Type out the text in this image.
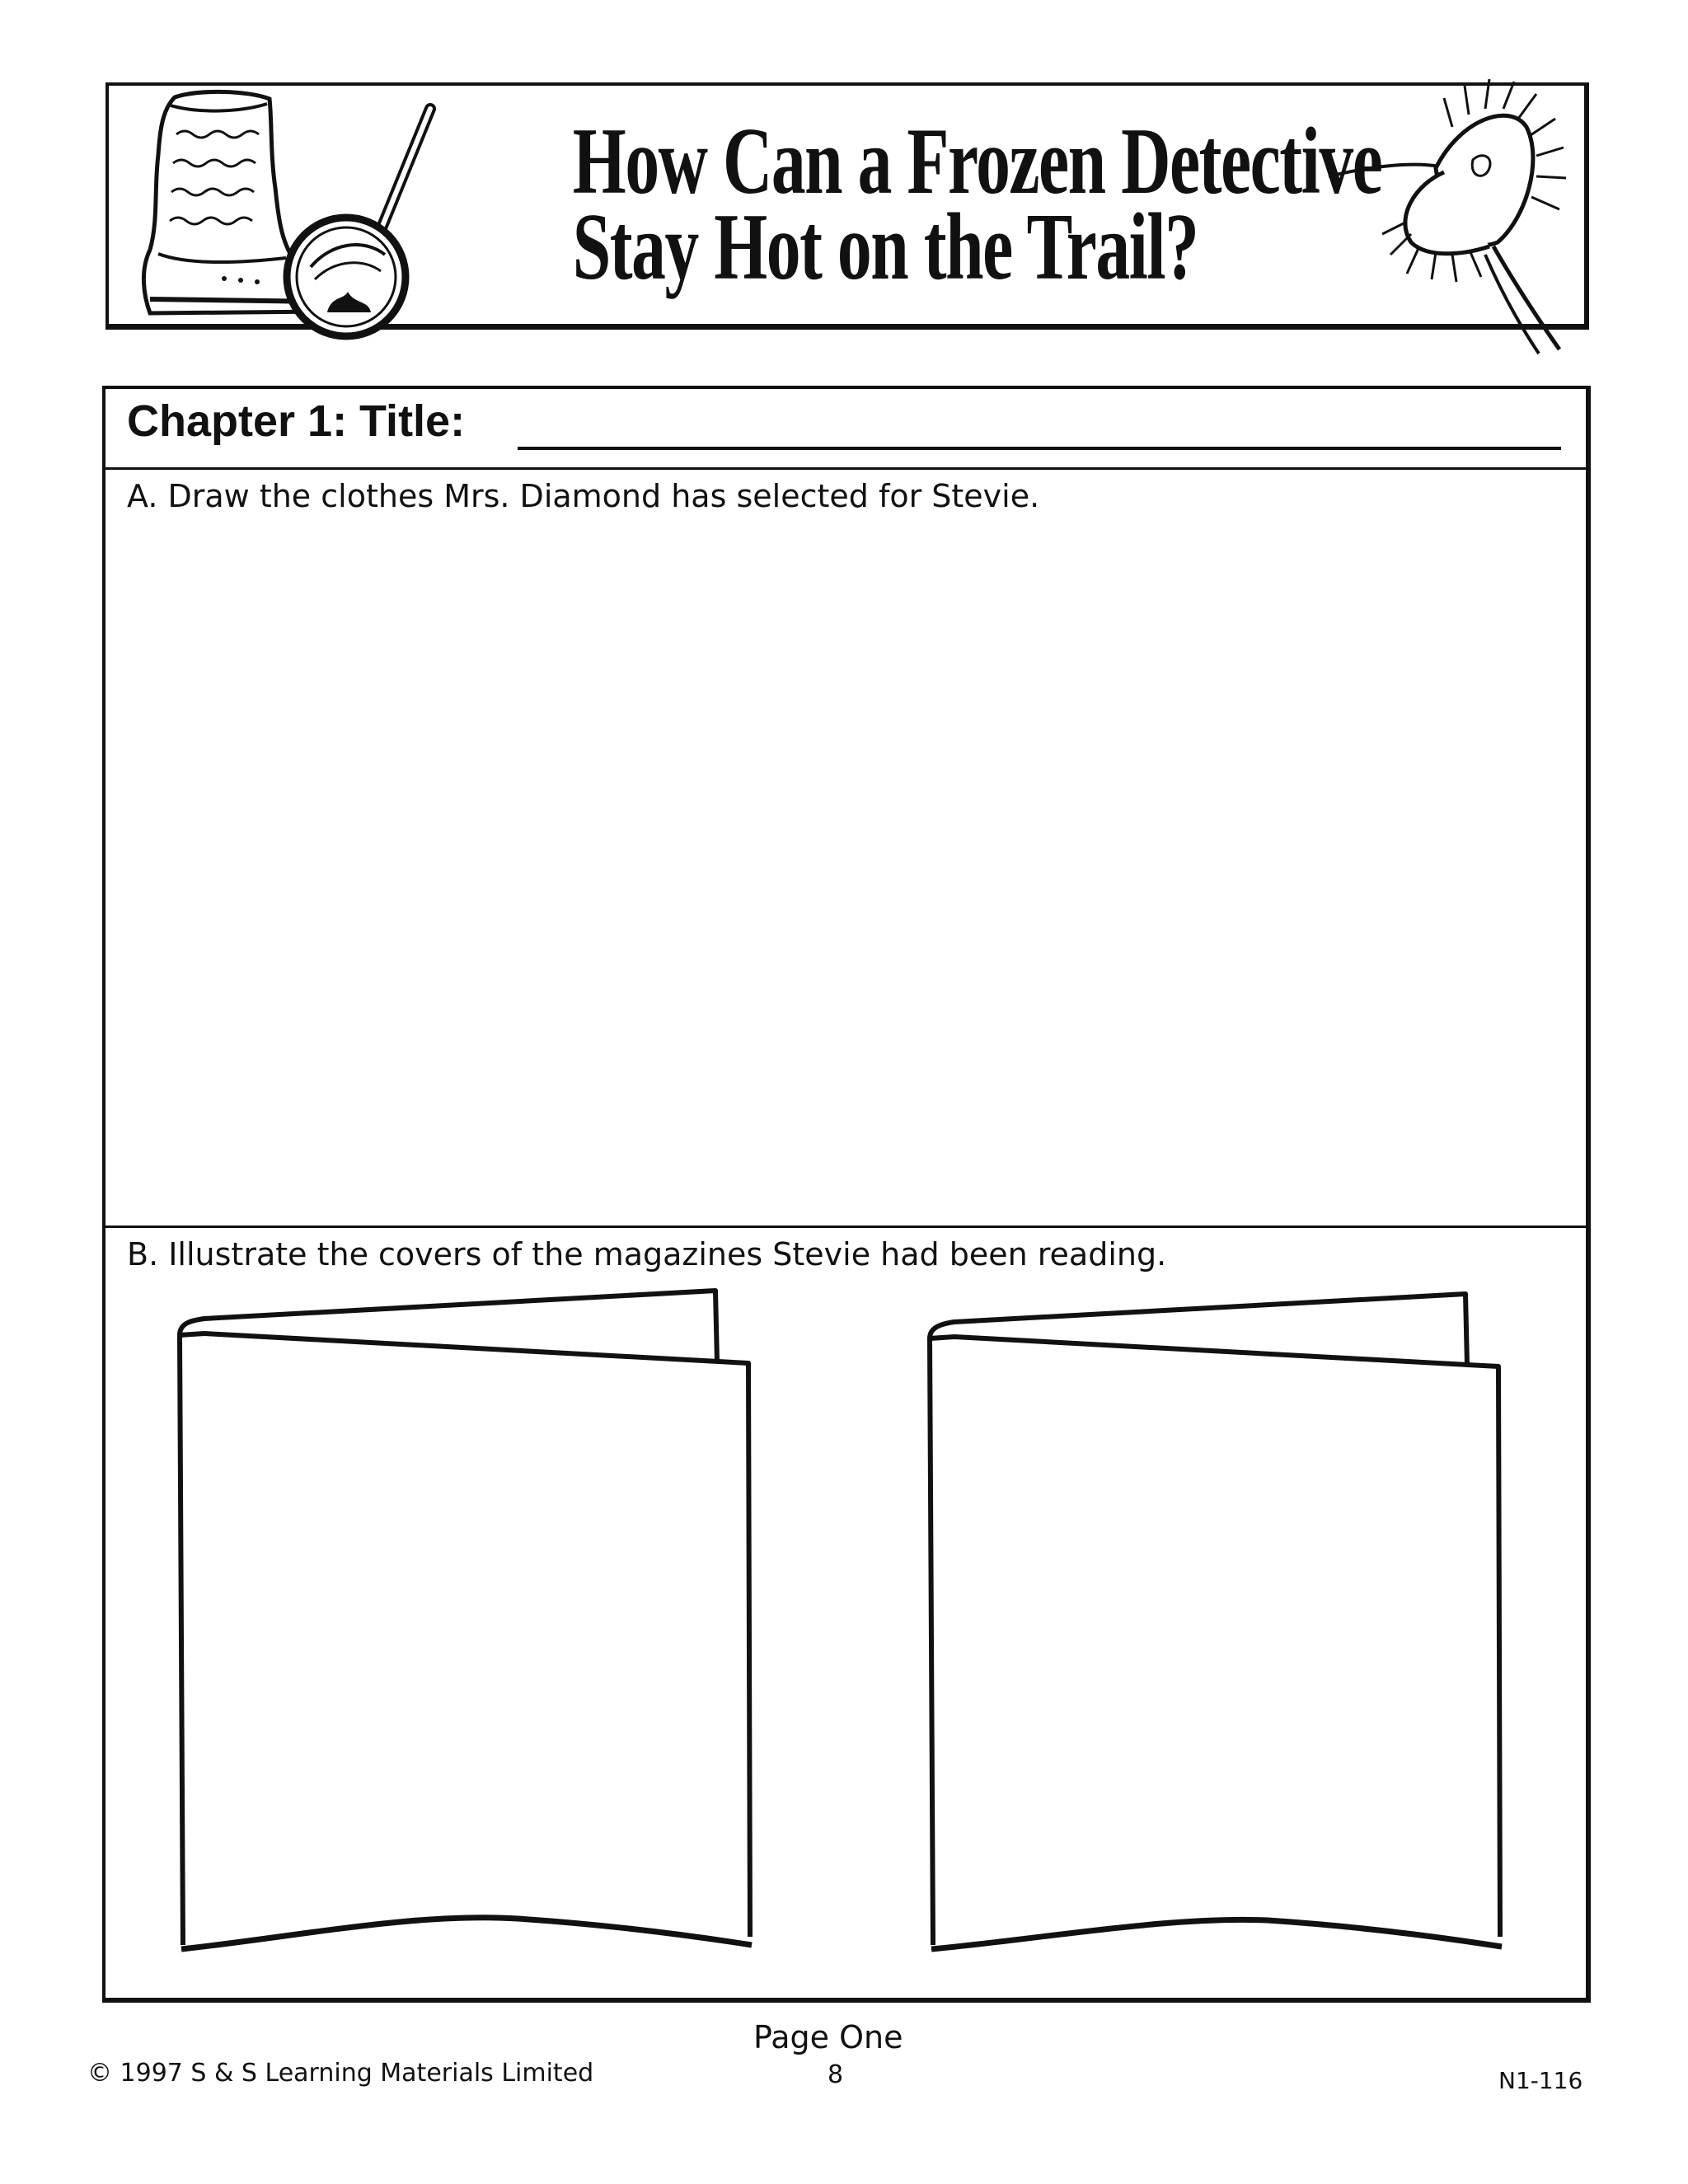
How Can a Frozen Detective
Stay Hot on the Trail?
Chapter 1: Title:
A. Draw the clothes Mrs. Diamond has selected for Stevie.
B. Illustrate the covers of the magazines Stevie had been reading.
Page One
8
© 1997 S & S Learning Materials Limited	N1-116
